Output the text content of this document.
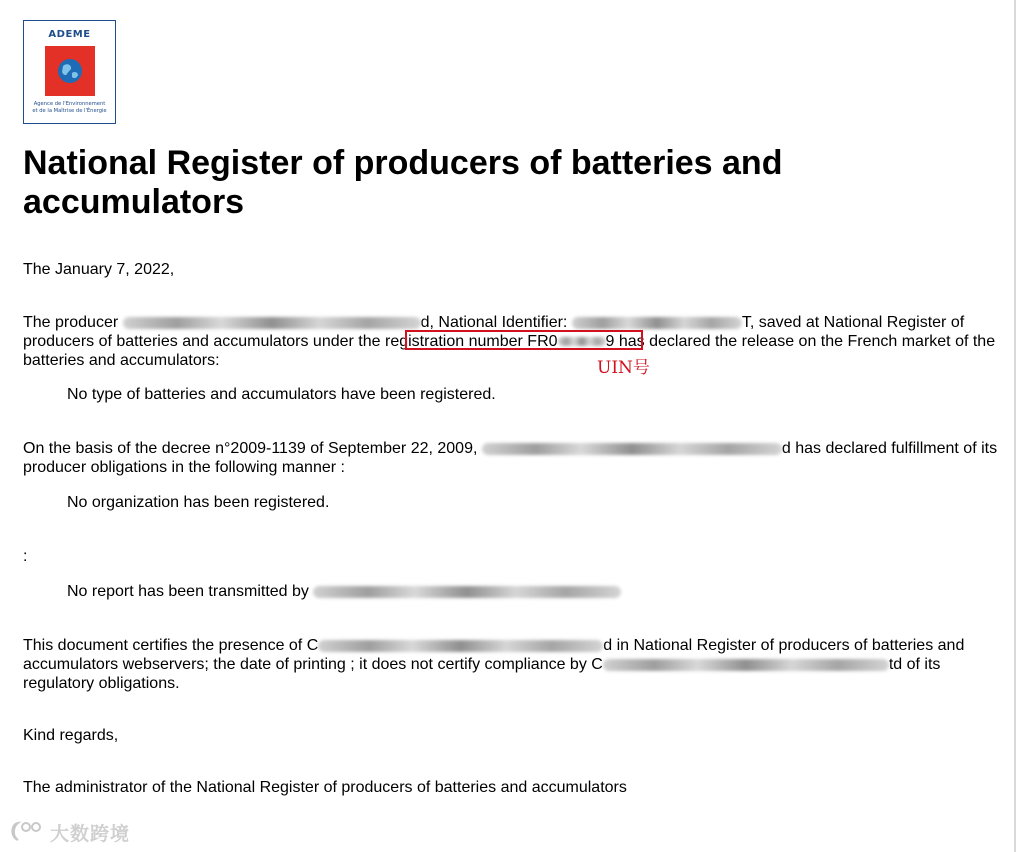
ADEME
Agence de l'Environnement
et de la Maîtrise de l'Énergie
National Register of producers of batteries and accumulators

The January 7, 2022,

The producer	d, National Identifier:	T, saved at National Register of producers of batteries and accumulators under the registration number FR0	9 has declared the release on the French market of the batteries and accumulators:	UIN号

No type of batteries and accumulators have been registered.

On the basis of the decree n°2009-1139 of September 22, 2009,	d has declared fulfillment of its producer obligations in the following manner :

No organization has been registered.

:

No report has been transmitted by

This document certifies the presence of C	d in National Register of producers of batteries and accumulators webservers; the date of printing ; it does not certify compliance by C	td of its regulatory obligations.

Kind regards,

The administrator of the National Register of producers of batteries and accumulators

大数跨境
